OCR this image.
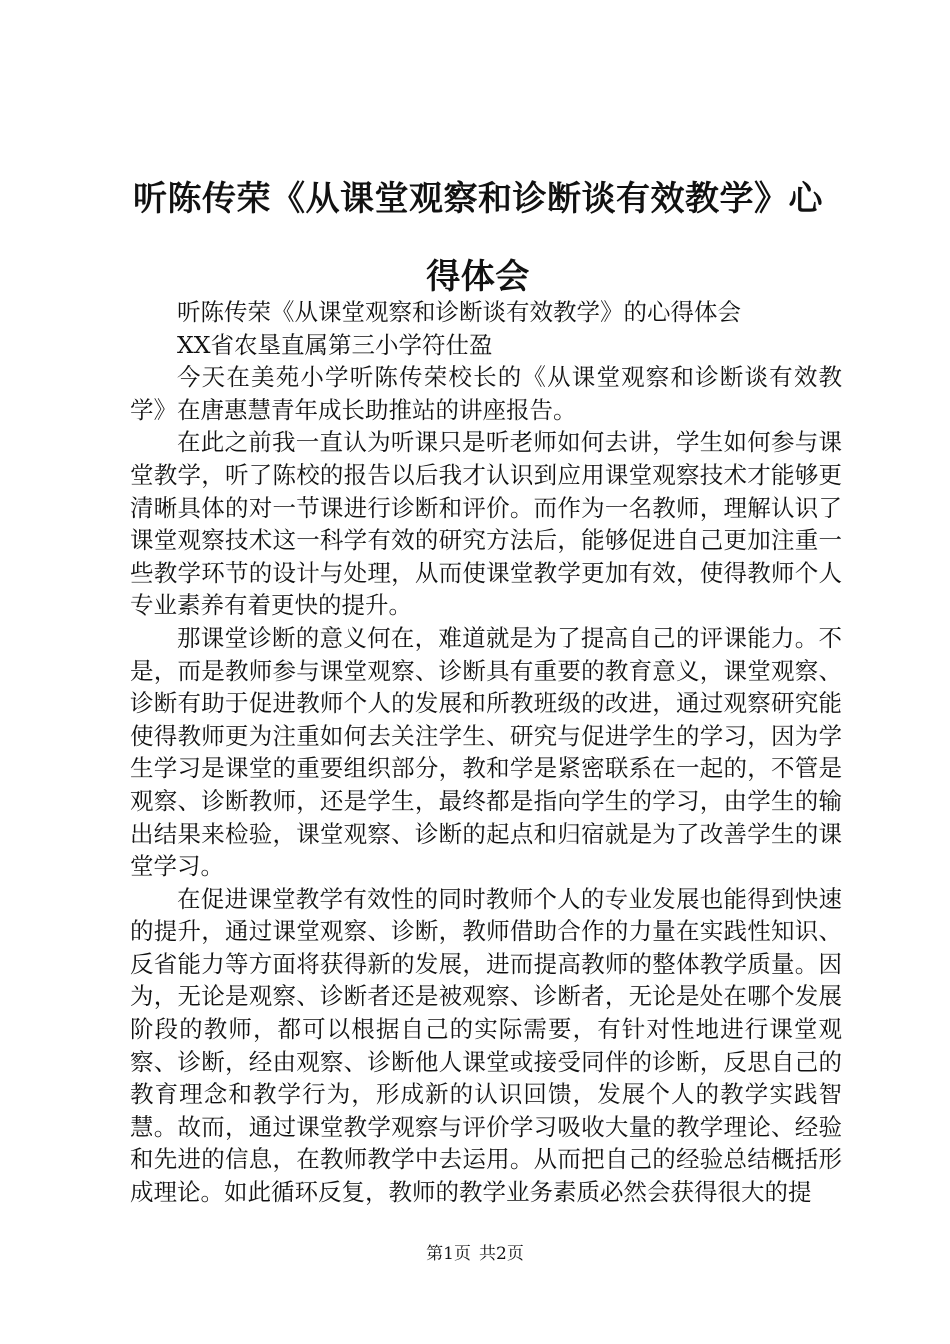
听陈传荣《从课堂观察和诊断谈有效教学》心得体会

听陈传荣《从课堂观察和诊断谈有效教学》的心得体会

XX省农垦直属第三小学符仕盈

今天在美苑小学听陈传荣校长的《从课堂观察和诊断谈有效教学》在唐惠慧青年成长助推站的讲座报告。

在此之前我一直认为听课只是听老师如何去讲，学生如何参与课堂教学，听了陈校的报告以后我才认识到应用课堂观察技术才能够更清晰具体的对一节课进行诊断和评价。而作为一名教师，理解认识了课堂观察技术这一科学有效的研究方法后，能够促进自己更加注重一些教学环节的设计与处理，从而使课堂教学更加有效，使得教师个人专业素养有着更快的提升。

那课堂诊断的意义何在，难道就是为了提高自己的评课能力。不是，而是教师参与课堂观察、诊断具有重要的教育意义，课堂观察、诊断有助于促进教师个人的发展和所教班级的改进，通过观察研究能使得教师更为注重如何去关注学生、研究与促进学生的学习，因为学生学习是课堂的重要组织部分，教和学是紧密联系在一起的，不管是观察、诊断教师，还是学生，最终都是指向学生的学习，由学生的输出结果来检验，课堂观察、诊断的起点和归宿就是为了改善学生的课堂学习。

在促进课堂教学有效性的同时教师个人的专业发展也能得到快速的提升，通过课堂观察、诊断，教师借助合作的力量在实践性知识、反省能力等方面将获得新的发展，进而提高教师的整体教学质量。因为，无论是观察、诊断者还是被观察、诊断者，无论是处在哪个发展阶段的教师，都可以根据自己的实际需要，有针对性地进行课堂观察、诊断，经由观察、诊断他人课堂或接受同伴的诊断，反思自己的教育理念和教学行为，形成新的认识回馈，发展个人的教学实践智慧。故而，通过课堂教学观察与评价学习吸收大量的教学理论、经验和先进的信息，在教师教学中去运用。从而把自己的经验总结概括形成理论。如此循环反复，教师的教学业务素质必然会获得很大的提

第1页 共2页
